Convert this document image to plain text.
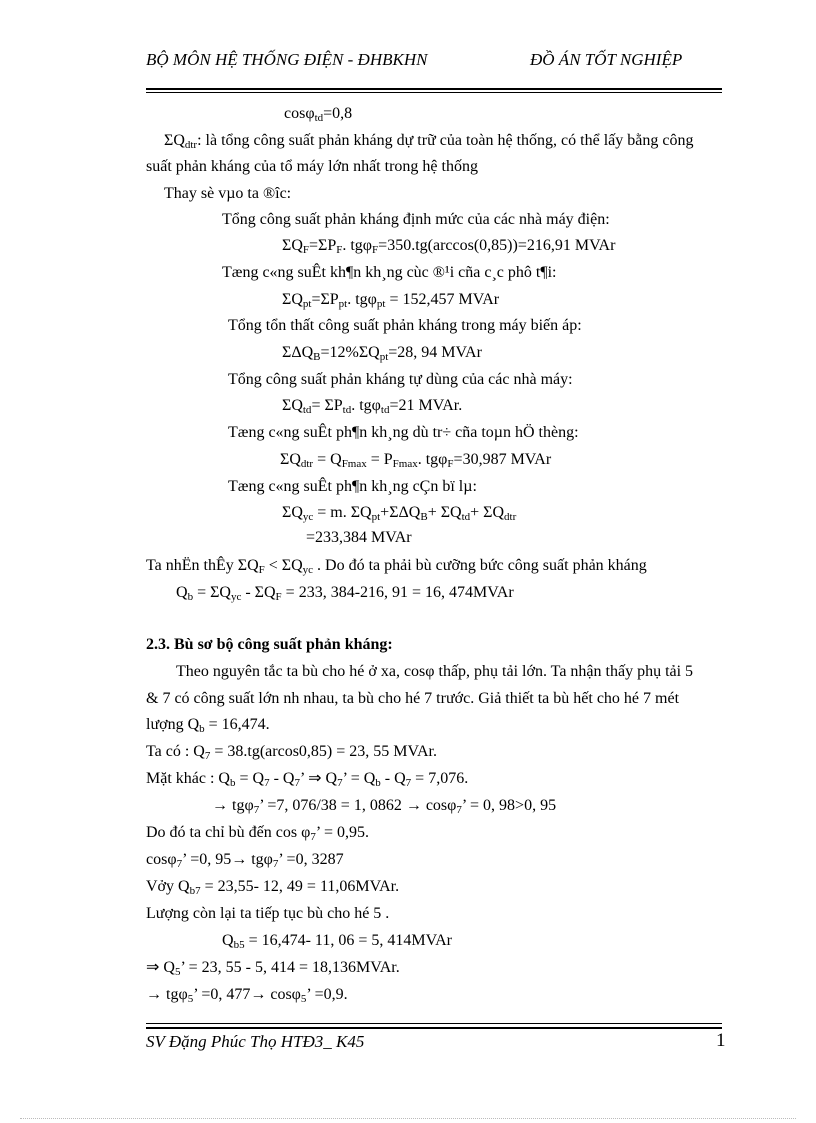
BỘ MÔN HỆ THỐNG ĐIỆN - ĐHBKHN	ĐỒ ÁN TỐT NGHIỆP
cosφ$_{td}$=0,8
$\Sigma Q_{dtr}$: là tổng công suất phản kháng dự trữ của toàn hệ thống, có thể lấy bằng công
suất phản kháng của tổ máy lớn nhất trong hệ thống
Thay sè vµo ta ®îc:
Tổng công suất phản kháng định mức của các nhà máy điện:
$\Sigma Q_F=\Sigma P_F$. tgφ$_F$=350.tg(arccos(0,85))=216,91 MVAr
Tæng c«ng suÊt kh¶n kh¸ng cùc ®¹i cña c¸c phô t¶i:
$\Sigma Q_{pt}=\Sigma P_{pt}$. tgφ$_{pt}$ = 152,457 MVAr
Tổng tổn thất công suất phản kháng trong máy biến áp:
$\Sigma\Delta Q_B=12\%\Sigma Q_{pt}=28$, 94 MVAr
Tổng công suất phản kháng tự dùng của các nhà máy:
$\Sigma Q_{td}= \Sigma P_{td}$. tgφ$_{td}$=21 MVAr.
Tæng c«ng suÊt ph¶n kh¸ng dù tr÷ cña toµn hÖ thèng:
$\Sigma Q_{dtr} = Q_{Fmax} = P_{Fmax}$. tgφ$_F$=30,987 MVAr
Tæng c«ng suÊt ph¶n kh¸ng cÇn bï lµ:
$\Sigma Q_{yc} = m$. $\Sigma Q_{pt}+\Sigma\Delta Q_B+ \Sigma Q_{td}+ \Sigma Q_{dtr}$
=233,384 MVAr
Ta nhËn thÊy $\Sigma Q_F < \Sigma Q_{yc}$ . Do đó ta phải bù cưỡng bức công suất phản kháng
$Q_b = \Sigma Q_{yc} - \Sigma Q_F = 233$, 384-216, 91 = 16, 474MVAr
2.3. Bù sơ bộ công suất phản kháng:
Theo nguyên tắc ta bù cho hé ở xa, cosφ thấp, phụ tải lớn. Ta nhận thấy phụ tải 5
& 7 có công suất lớn nh nhau, ta bù cho hé 7 trước. Giả thiết ta bù hết cho hé 7 mét
lượng $Q_b = 16,474$.
Ta có : $Q_7 = 38.tg(arcos0,85) = 23$, 55 MVAr.
Mặt khác : $Q_b = Q_7 - Q_7$’ ⇒ $Q_7$’ = $Q_b - Q_7 = 7,076$.
→ tgφ$_7$’ =7, 076/38 = 1, 0862 → cosφ$_7$’ = 0, 98>0, 95
Do đó ta chỉ bù đến $\cos \varphi_7$’ = 0,95.
cosφ$_7$’ =0, 95→ tgφ$_7$’ =0, 3287
Vởy $Q_{b7} = 23,55-$ 12, 49 = 11,06MVAr.
Lượng còn lại ta tiếp tục bù cho hé 5 .
$Q_{b5} = 16,474-$ 11, 06 = 5, 414MVAr
⇒ $Q_5$’ = 23, 55 - 5, 414 = 18,136MVAr.
→ tgφ$_5$’ =0, 477→ cosφ$_5$’ =0,9.
SV Đặng Phúc Thọ HTĐ3_ K45	1
